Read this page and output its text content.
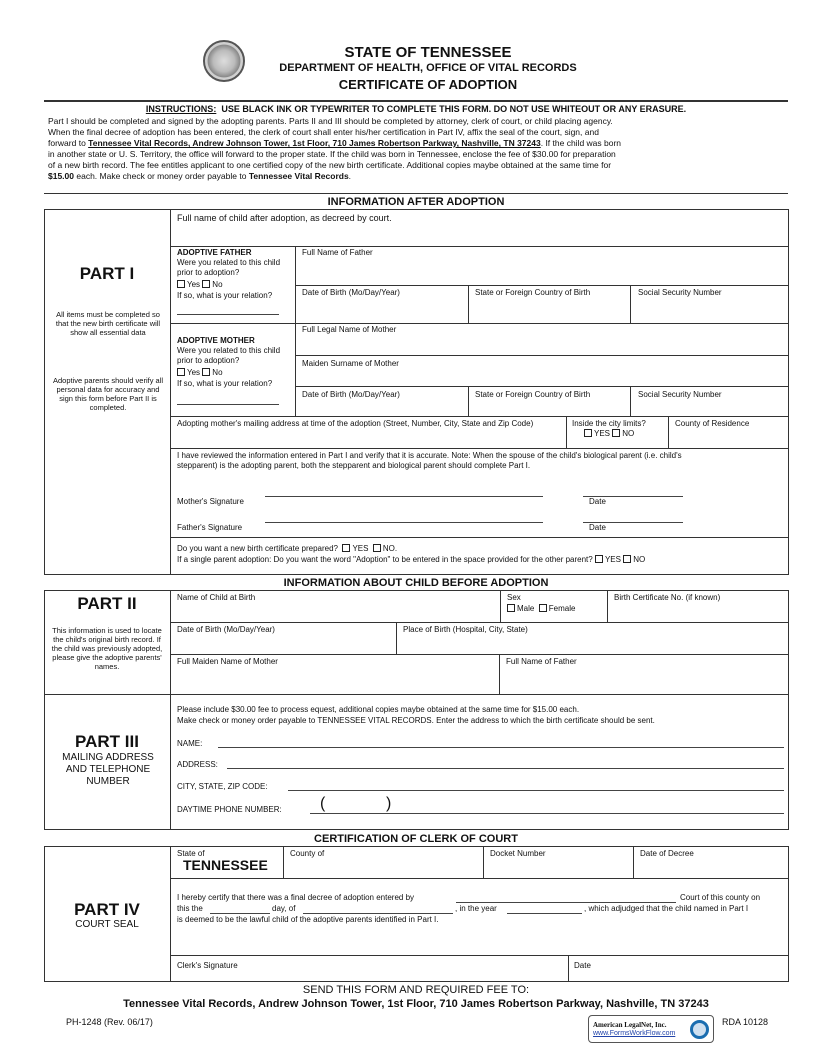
STATE OF TENNESSEE
DEPARTMENT OF HEALTH, OFFICE OF VITAL RECORDS
CERTIFICATE OF ADOPTION
INSTRUCTIONS: USE BLACK INK OR TYPEWRITER TO COMPLETE THIS FORM. DO NOT USE WHITEOUT OR ANY ERASURE.
Part I should be completed and signed by the adopting parents. Parts II and III should be completed by attorney, clerk of court, or child placing agency.
When the final decree of adoption has been entered, the clerk of court shall enter his/her certification in Part IV, affix the seal of the court, sign, and
forward to Tennessee Vital Records, Andrew Johnson Tower, 1st Floor, 710 James Robertson Parkway, Nashville, TN 37243. If the child was born
in another state or U. S. Territory, the office will forward to the proper state. If the child was born in Tennessee, enclose the fee of $30.00 for preparation
of a new birth record. The fee entitles applicant to one certified copy of the new birth certificate. Additional copies maybe obtained at the same time for
$15.00 each. Make check or money order payable to Tennessee Vital Records.
INFORMATION AFTER ADOPTION
PART I
All items must be completed so that the new birth certificate will show all essential data
Adoptive parents should verify all personal data for accuracy and sign this form before Part II is completed.
Full name of child after adoption, as decreed by court.
ADOPTIVE FATHER
Were you related to this child prior to adoption?
Yes No
If so, what is your relation?
Full Name of Father
Date of Birth (Mo/Day/Year)	State or Foreign Country of Birth	Social Security Number
ADOPTIVE MOTHER
Were you related to this child prior to adoption?
Yes No
If so, what is your relation?
Full Legal Name of Mother
Maiden Surname of Mother
Date of Birth (Mo/Day/Year)	State or Foreign Country of Birth	Social Security Number
Adopting mother's mailing address at time of the adoption (Street, Number, City, State and Zip Code)	Inside the city limits?
YES NO
County of Residence
I have reviewed the information entered in Part I and verify that it is accurate. Note: When the spouse of the child's biological parent (i.e. child's
stepparent) is the adopting parent, both the stepparent and biological parent should complete Part I.
Mother's Signature	Date
Father's Signature	Date
Do you want a new birth certificate prepared? YES NO.
If a single parent adoption: Do you want the word "Adoption" to be entered in the space provided for the other parent? YES NO
INFORMATION ABOUT CHILD BEFORE ADOPTION
PART II
This information is used to locate the child's original birth record. If the child was previously adopted, please give the adoptive parents' names.
Name of Child at Birth	Sex
Male Female
Birth Certificate No. (if known)
Date of Birth (Mo/Day/Year)	Place of Birth (Hospital, City, State)
Full Maiden Name of Mother	Full Name of Father
PART III
MAILING ADDRESS AND TELEPHONE NUMBER
Please include $30.00 fee to process equest, additional copies maybe obtained at the same time for $15.00 each.
Make check or money order payable to TENNESSEE VITAL RECORDS. Enter the address to which the birth certificate should be sent.
NAME:
ADDRESS:
CITY, STATE, ZIP CODE:
DAYTIME PHONE NUMBER: (	)
CERTIFICATION OF CLERK OF COURT
PART IV
COURT SEAL
State of
TENNESSEE
County of	Docket Number	Date of Decree
I hereby certify that there was a final decree of adoption entered by	Court of this county on
this the	day, of	, in the year	, which adjudged that the child named in Part I
is deemed to be the lawful child of the adoptive parents identified in Part I.
Clerk's Signature	Date
SEND THIS FORM AND REQUIRED FEE TO:
Tennessee Vital Records, Andrew Johnson Tower, 1st Floor, 710 James Robertson Parkway, Nashville, TN 37243
PH-1248 (Rev. 06/17)	American LegalNet, Inc.
www.FormsWorkFlow.com
RDA 10128
